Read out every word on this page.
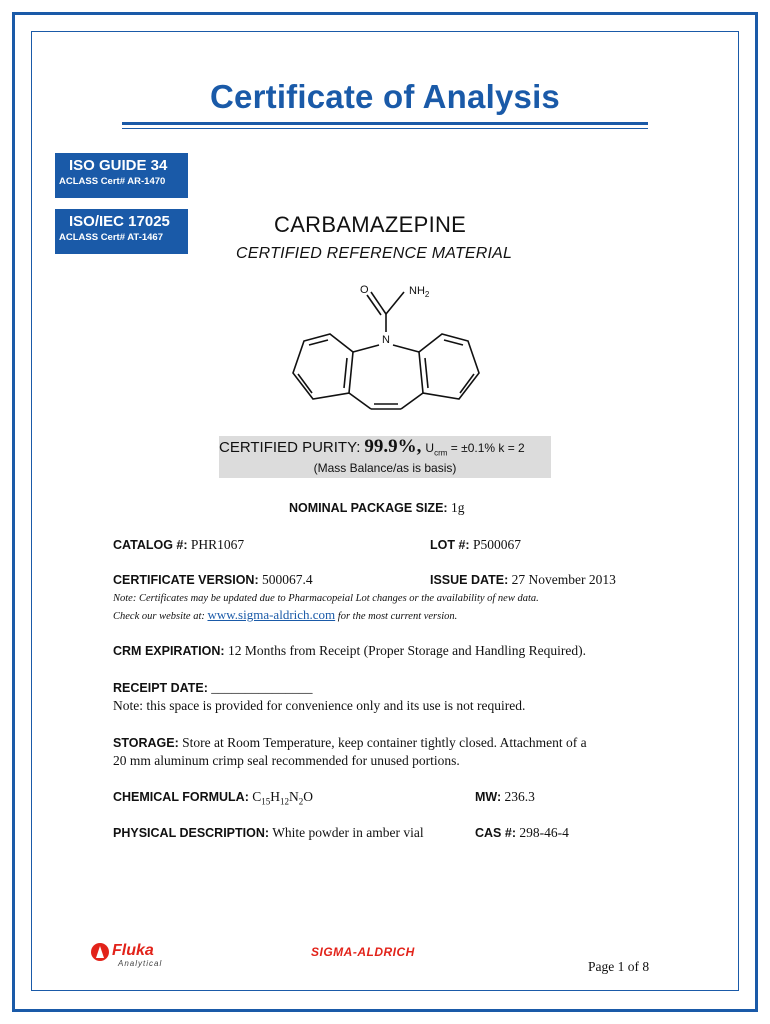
Certificate of Analysis
ISO GUIDE 34
ACLASS Cert# AR-1470
ISO/IEC 17025
ACLASS Cert# AT-1467
CARBAMAZEPINE
CERTIFIED REFERENCE MATERIAL
O	$NH_2$
N
CERTIFIED PURITY: 99.9%, $U_{crm} = \pm 0.1\%$ k = 2
(Mass Balance/as is basis)
NOMINAL PACKAGE SIZE: 1g
CATALOG #: PHR1067	LOT #: P500067
CERTIFICATE VERSION: 500067.4	ISSUE DATE: 27 November 2013
Note: Certificates may be updated due to Pharmacopeial Lot changes or the availability of new data.
Check our website at: www.sigma-aldrich.com for the most current version.
CRM EXPIRATION: 12 Months from Receipt (Proper Storage and Handling Required).
RECEIPT DATE: _______________
Note: this space is provided for convenience only and its use is not required.
STORAGE: Store at Room Temperature, keep container tightly closed. Attachment of a
20 mm aluminum crimp seal recommended for unused portions.
CHEMICAL FORMULA: $C_{15}H_{12}N_2O$	MW: 236.3
PHYSICAL DESCRIPTION: White powder in amber vial	CAS #: 298-46-4
Fluka
Analytical
SIGMA-ALDRICH
Page 1 of 8
